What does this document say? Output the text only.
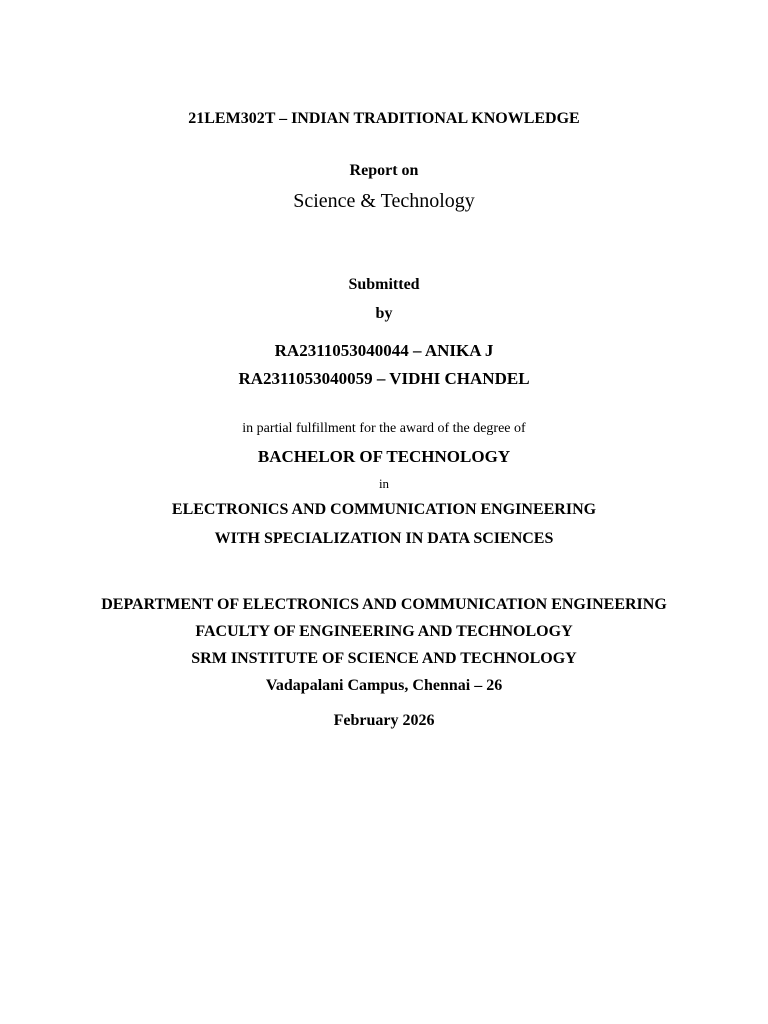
21LEM302T – INDIAN TRADITIONAL KNOWLEDGE
Report on
Science & Technology
Submitted
by
RA2311053040044 – ANIKA J
RA2311053040059 – VIDHI CHANDEL
in partial fulfillment for the award of the degree of
BACHELOR OF TECHNOLOGY
in
ELECTRONICS AND COMMUNICATION ENGINEERING
WITH SPECIALIZATION IN DATA SCIENCES
DEPARTMENT OF ELECTRONICS AND COMMUNICATION ENGINEERING
FACULTY OF ENGINEERING AND TECHNOLOGY
SRM INSTITUTE OF SCIENCE AND TECHNOLOGY
Vadapalani Campus, Chennai – 26
February 2026
